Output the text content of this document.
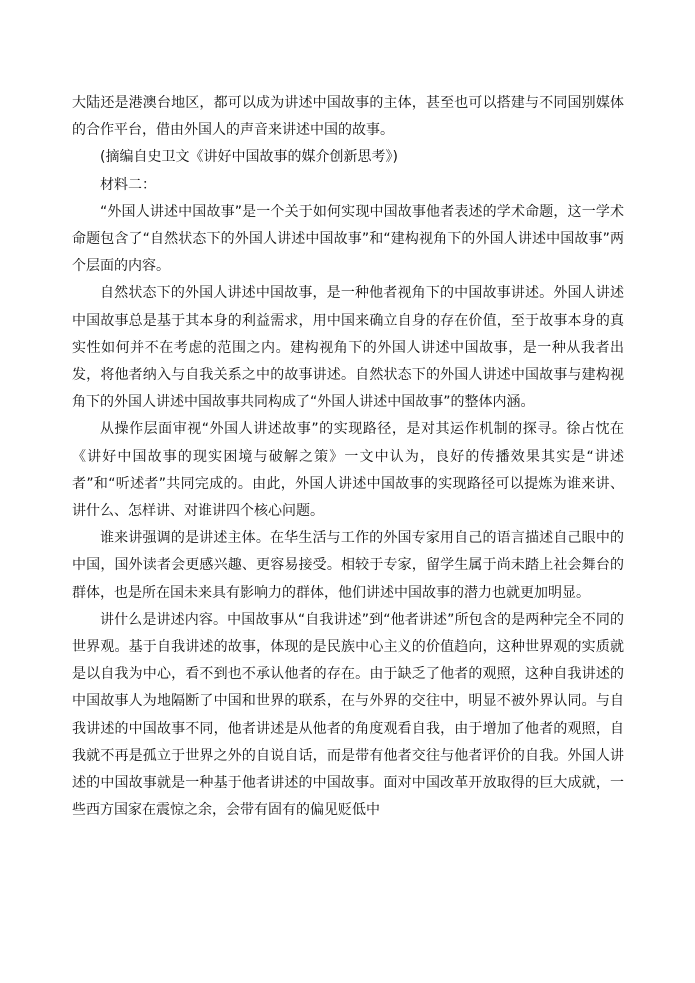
大陆还是港澳台地区，都可以成为讲述中国故事的主体，甚至也可以搭建与不同国别媒体的合作平台，借由外国人的声音来讲述中国的故事。

(摘编自史卫文《讲好中国故事的媒介创新思考》)

材料二：

“外国人讲述中国故事”是一个关于如何实现中国故事他者表述的学术命题，这一学术命题包含了“自然状态下的外国人讲述中国故事”和“建构视角下的外国人讲述中国故事”两个层面的内容。

自然状态下的外国人讲述中国故事，是一种他者视角下的中国故事讲述。外国人讲述中国故事总是基于其本身的利益需求，用中国来确立自身的存在价值，至于故事本身的真实性如何并不在考虑的范围之内。建构视角下的外国人讲述中国故事，是一种从我者出发，将他者纳入与自我关系之中的故事讲述。自然状态下的外国人讲述中国故事与建构视角下的外国人讲述中国故事共同构成了“外国人讲述中国故事”的整体内涵。

从操作层面审视“外国人讲述故事”的实现路径，是对其运作机制的探寻。徐占忱在《讲好中国故事的现实困境与破解之策》一文中认为，良好的传播效果其实是“讲述者”和“听述者”共同完成的。由此，外国人讲述中国故事的实现路径可以提炼为谁来讲、讲什么、怎样讲、对谁讲四个核心问题。

谁来讲强调的是讲述主体。在华生活与工作的外国专家用自己的语言描述自己眼中的中国，国外读者会更感兴趣、更容易接受。相较于专家，留学生属于尚未踏上社会舞台的群体，也是所在国未来具有影响力的群体，他们讲述中国故事的潜力也就更加明显。

讲什么是讲述内容。中国故事从“自我讲述”到“他者讲述”所包含的是两种完全不同的世界观。基于自我讲述的故事，体现的是民族中心主义的价值趋向，这种世界观的实质就是以自我为中心，看不到也不承认他者的存在。由于缺乏了他者的观照，这种自我讲述的中国故事人为地隔断了中国和世界的联系，在与外界的交往中，明显不被外界认同。与自我讲述的中国故事不同，他者讲述是从他者的角度观看自我，由于增加了他者的观照，自我就不再是孤立于世界之外的自说自话，而是带有他者交往与他者评价的自我。外国人讲述的中国故事就是一种基于他者讲述的中国故事。面对中国改革开放取得的巨大成就，一些西方国家在震惊之余，会带有固有的偏见贬低中
